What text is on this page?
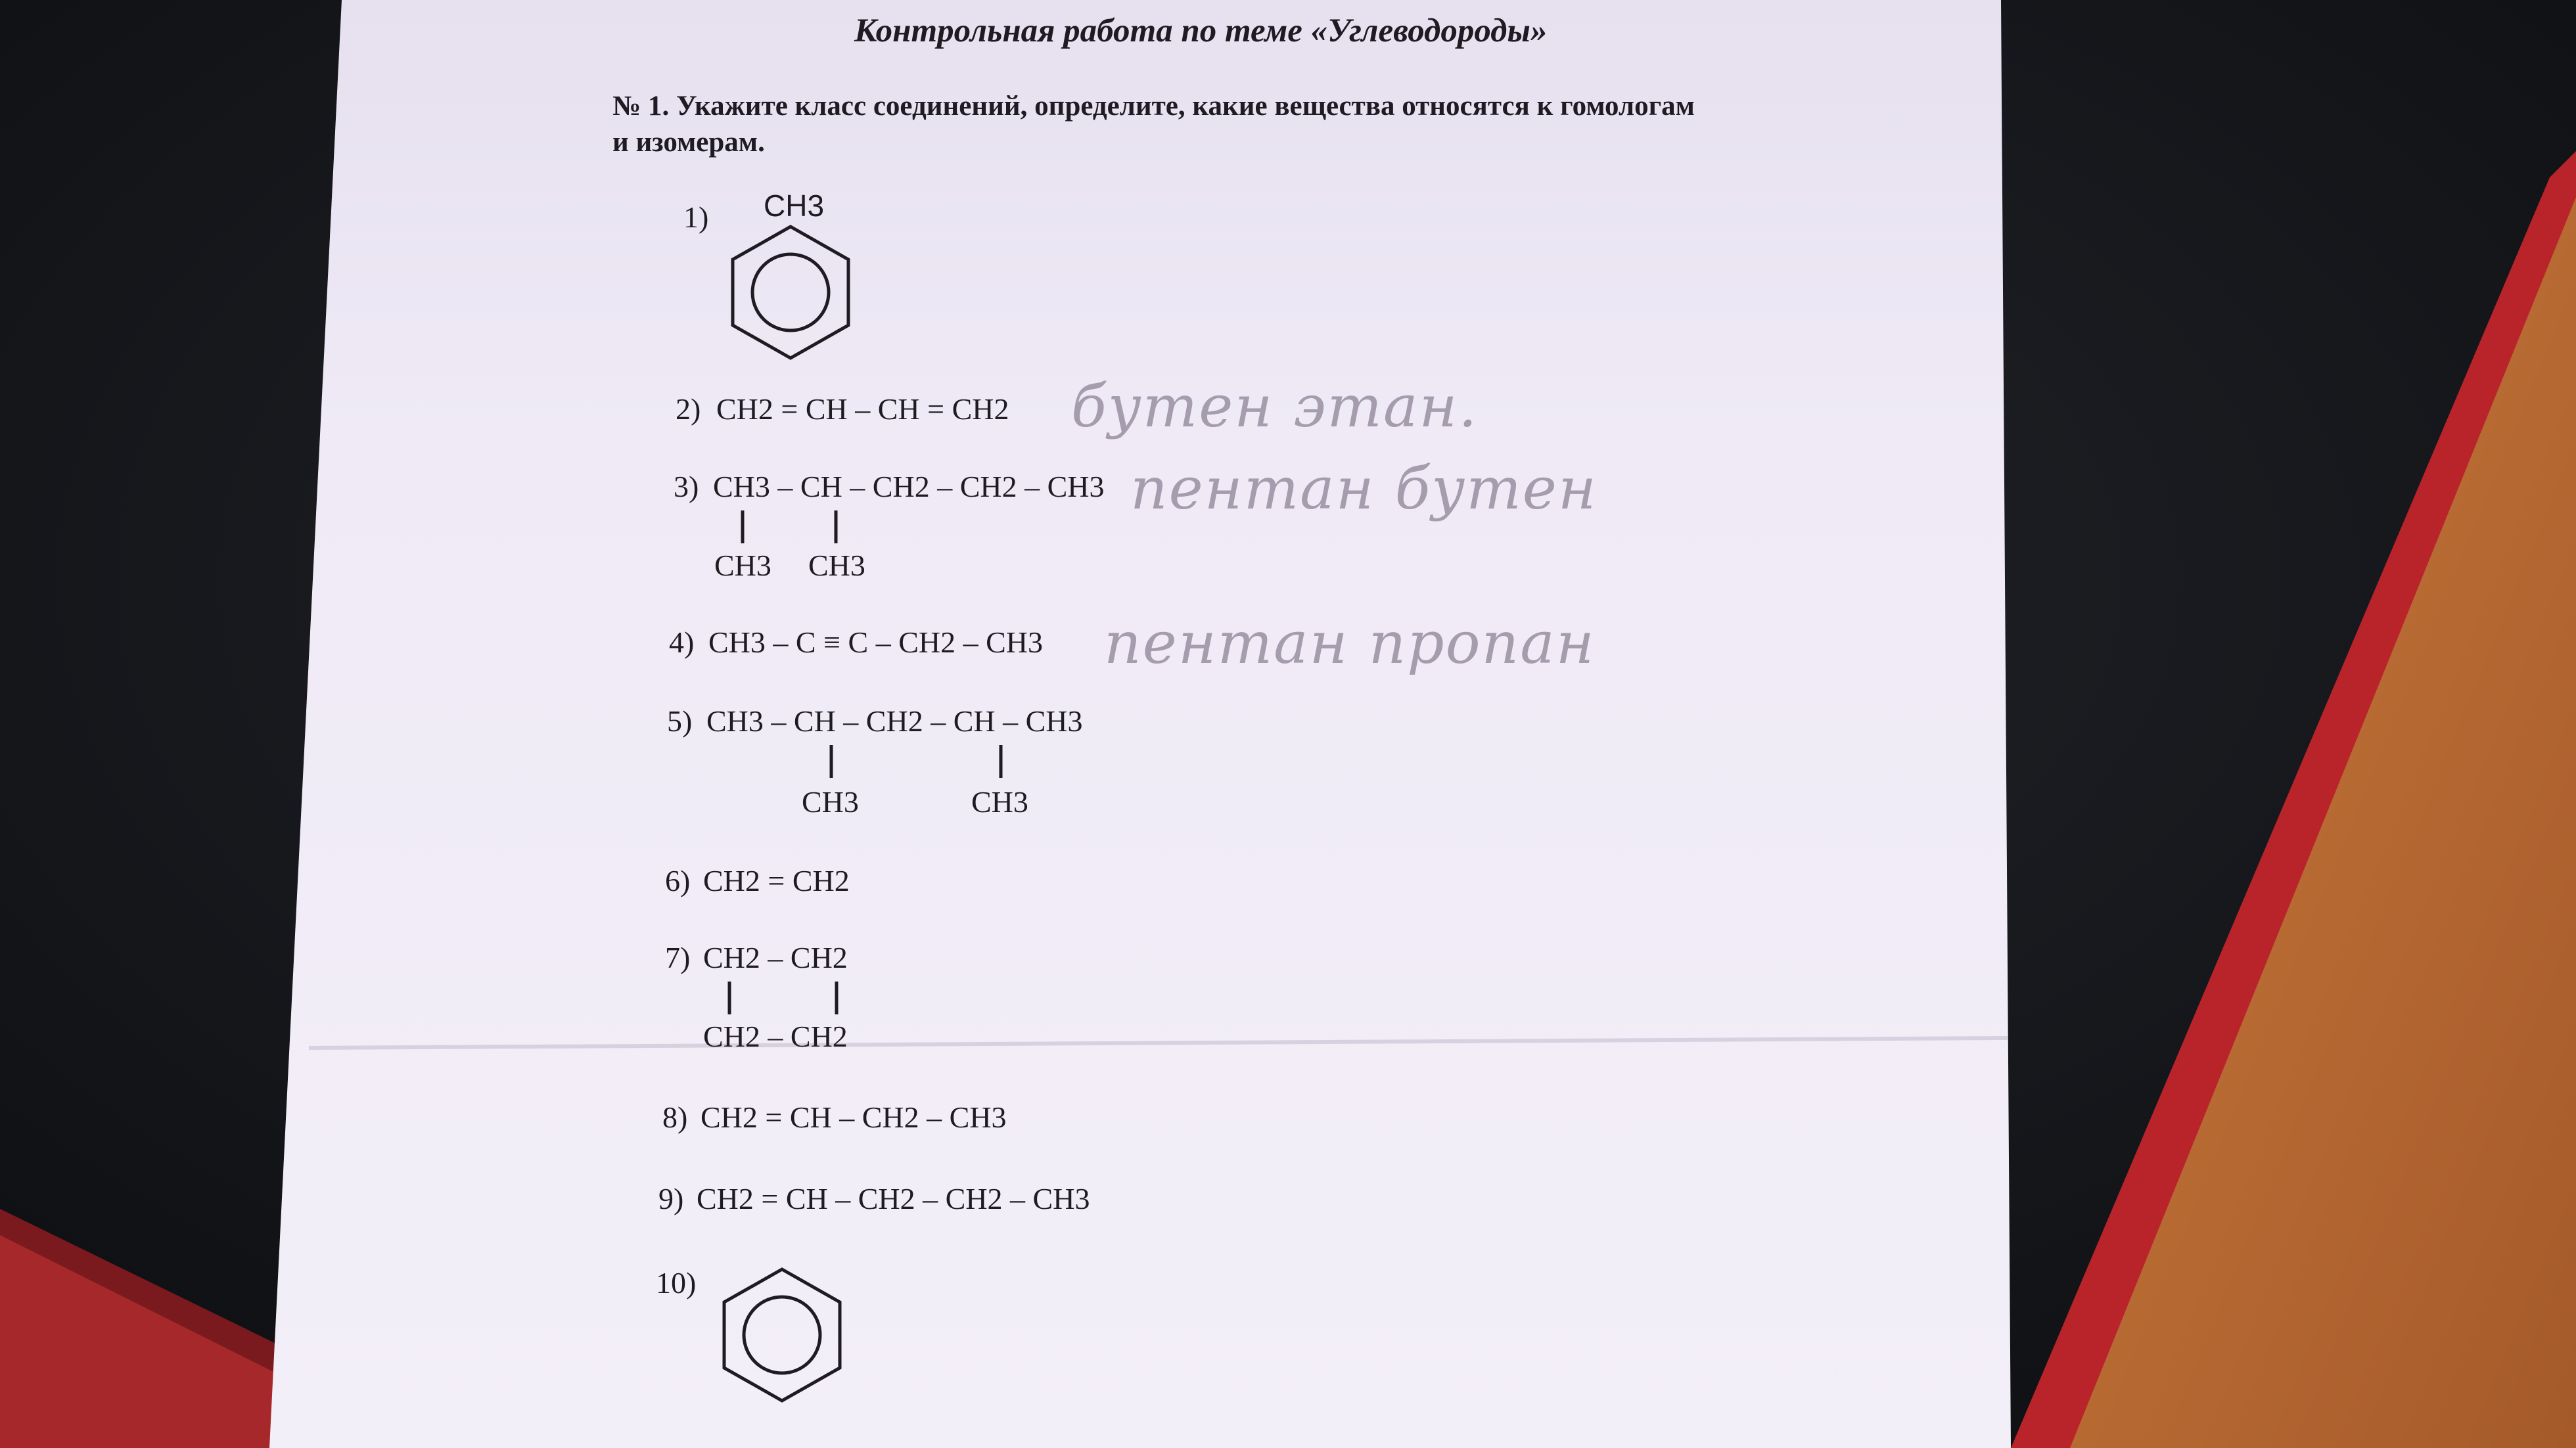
Контрольная работа по теме «Углеводороды»
№ 1. Укажите класс соединений, определите, какие вещества относятся к гомологам
и изомерам.
1) CH3
2) CH2 = CH – CH = CH2 бутен этан.
3) CH3 – CH – CH2 – CH2 – CH3
CH3 CH3
пентан бутен
4) CH3 – C ≡ C – CH2 – CH3 пентан пропан
5) CH3 – CH – CH2 – CH – CH3
CH3	CH3
6) CH2 = CH2
7) CH2 – CH2
CH2 – CH2
8) CH2 = CH – CH2 – CH3
9) CH2 = CH – CH2 – CH2 – CH3
10)
